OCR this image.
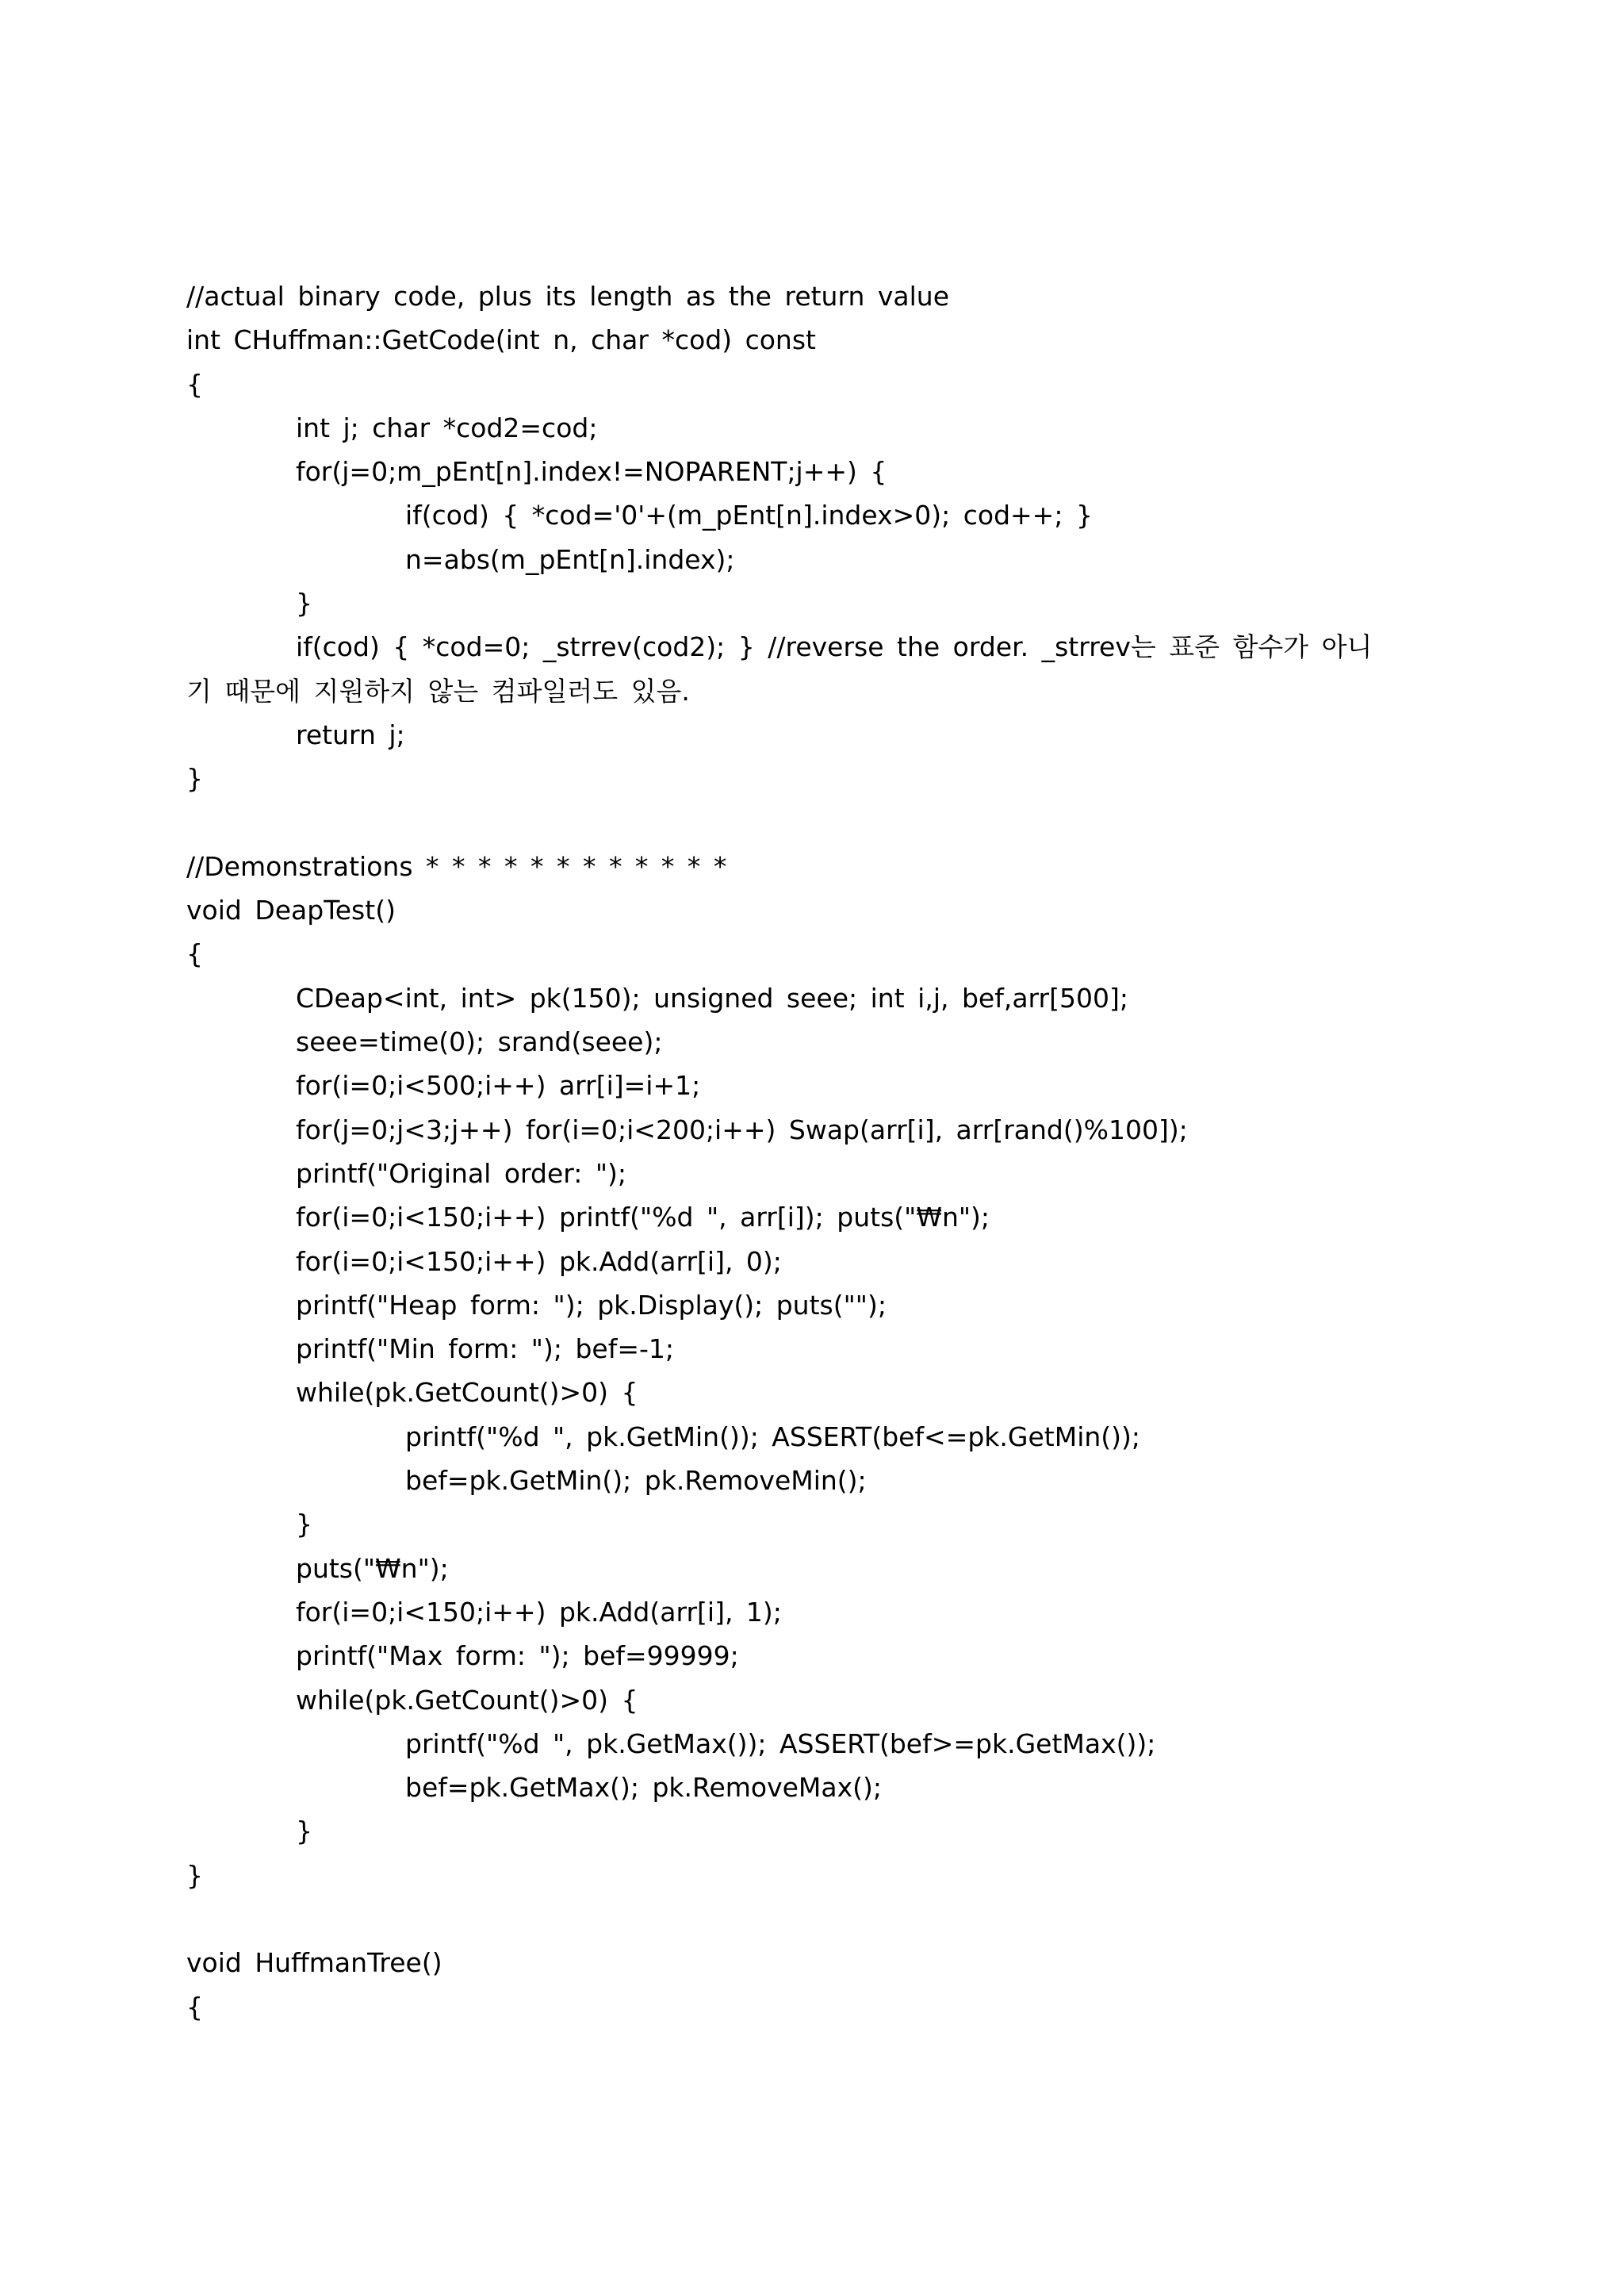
//actual binary code, plus its length as the return value
int CHuffman::GetCode(int n, char *cod) const
{
int j; char *cod2=cod;
for(j=0;m_pEnt[n].index!=NOPARENT;j++) {
if(cod) { *cod='0'+(m_pEnt[n].index>0); cod++; }
n=abs(m_pEnt[n].index);
}
if(cod) { *cod=0; _strrev(cod2); } //reverse the order. _strrev는 표준 함수가 아니
기 때문에 지원하지 않는 컴파일러도 있음.
return j;
}
//Demonstrations * * * * * * * * * * * *
void DeapTest()
{
CDeap<int, int> pk(150); unsigned seee; int i,j, bef,arr[500];
seee=time(0); srand(seee);
for(i=0;i<500;i++) arr[i]=i+1;
for(j=0;j<3;j++) for(i=0;i<200;i++) Swap(arr[i], arr[rand()%100]);
printf("Original order: ");
for(i=0;i<150;i++) printf("%d ", arr[i]); puts("₩n");
for(i=0;i<150;i++) pk.Add(arr[i], 0);
printf("Heap form: "); pk.Display(); puts("");
printf("Min form: "); bef=-1;
while(pk.GetCount()>0) {
printf("%d ", pk.GetMin()); ASSERT(bef<=pk.GetMin());
bef=pk.GetMin(); pk.RemoveMin();
}
puts("₩n");
for(i=0;i<150;i++) pk.Add(arr[i], 1);
printf("Max form: "); bef=99999;
while(pk.GetCount()>0) {
printf("%d ", pk.GetMax()); ASSERT(bef>=pk.GetMax());
bef=pk.GetMax(); pk.RemoveMax();
}
}
void HuffmanTree()
{
